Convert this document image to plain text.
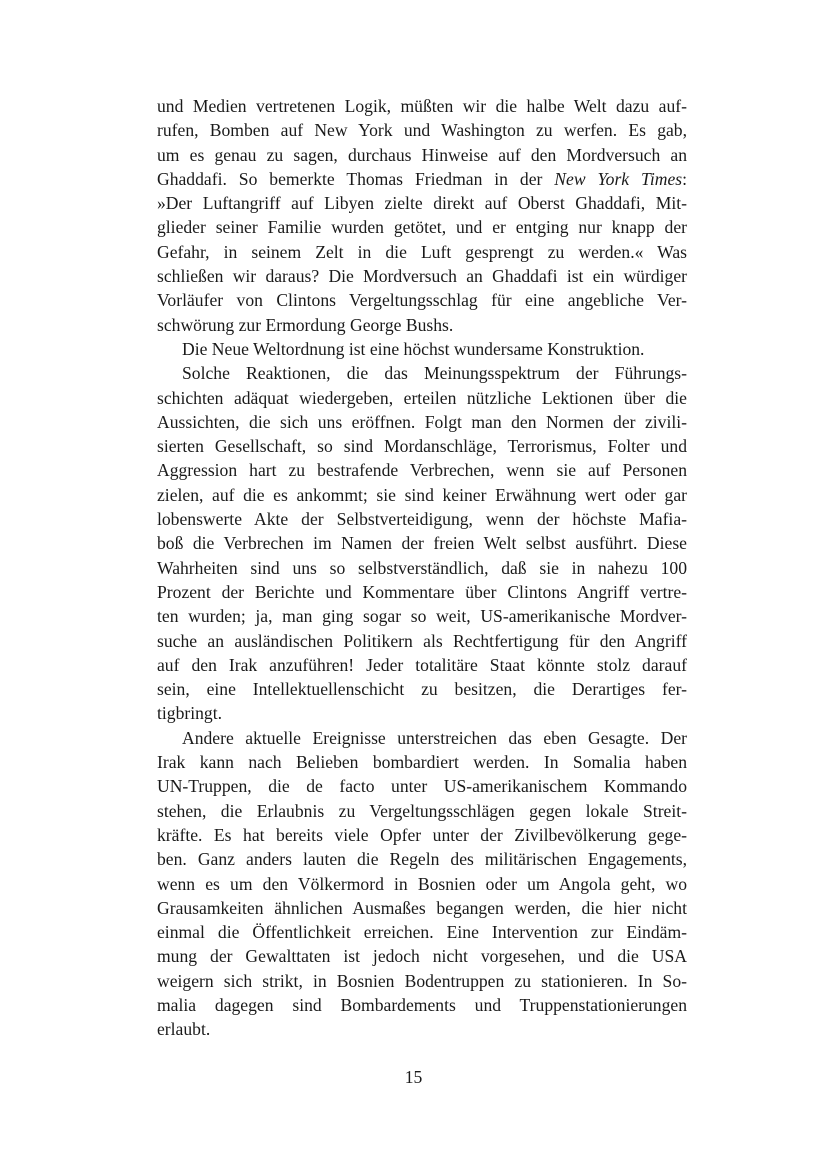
und Medien vertretenen Logik, müßten wir die halbe Welt dazu auf-
rufen, Bomben auf New York und Washington zu werfen. Es gab,
um es genau zu sagen, durchaus Hinweise auf den Mordversuch an
Ghaddafi. So bemerkte Thomas Friedman in der New York Times:
»Der Luftangriff auf Libyen zielte direkt auf Oberst Ghaddafi, Mit-
glieder seiner Familie wurden getötet, und er entging nur knapp der
Gefahr, in seinem Zelt in die Luft gesprengt zu werden.« Was
schließen wir daraus? Die Mordversuch an Ghaddafi ist ein würdiger
Vorläufer von Clintons Vergeltungsschlag für eine angebliche Ver-
schwörung zur Ermordung George Bushs.
Die Neue Weltordnung ist eine höchst wundersame Konstruktion.
Solche Reaktionen, die das Meinungsspektrum der Führungs-
schichten adäquat wiedergeben, erteilen nützliche Lektionen über die
Aussichten, die sich uns eröffnen. Folgt man den Normen der zivili-
sierten Gesellschaft, so sind Mordanschläge, Terrorismus, Folter und
Aggression hart zu bestrafende Verbrechen, wenn sie auf Personen
zielen, auf die es ankommt; sie sind keiner Erwähnung wert oder gar
lobenswerte Akte der Selbstverteidigung, wenn der höchste Mafia-
boß die Verbrechen im Namen der freien Welt selbst ausführt. Diese
Wahrheiten sind uns so selbstverständlich, daß sie in nahezu 100
Prozent der Berichte und Kommentare über Clintons Angriff vertre-
ten wurden; ja, man ging sogar so weit, US-amerikanische Mordver-
suche an ausländischen Politikern als Rechtfertigung für den Angriff
auf den Irak anzuführen! Jeder totalitäre Staat könnte stolz darauf
sein, eine Intellektuellenschicht zu besitzen, die Derartiges fer-
tigbringt.
Andere aktuelle Ereignisse unterstreichen das eben Gesagte. Der
Irak kann nach Belieben bombardiert werden. In Somalia haben
UN-Truppen, die de facto unter US-amerikanischem Kommando
stehen, die Erlaubnis zu Vergeltungsschlägen gegen lokale Streit-
kräfte. Es hat bereits viele Opfer unter der Zivilbevölkerung gege-
ben. Ganz anders lauten die Regeln des militärischen Engagements,
wenn es um den Völkermord in Bosnien oder um Angola geht, wo
Grausamkeiten ähnlichen Ausmaßes begangen werden, die hier nicht
einmal die Öffentlichkeit erreichen. Eine Intervention zur Eindäm-
mung der Gewalttaten ist jedoch nicht vorgesehen, und die USA
weigern sich strikt, in Bosnien Bodentruppen zu stationieren. In So-
malia dagegen sind Bombardements und Truppenstationierungen
erlaubt.
15
